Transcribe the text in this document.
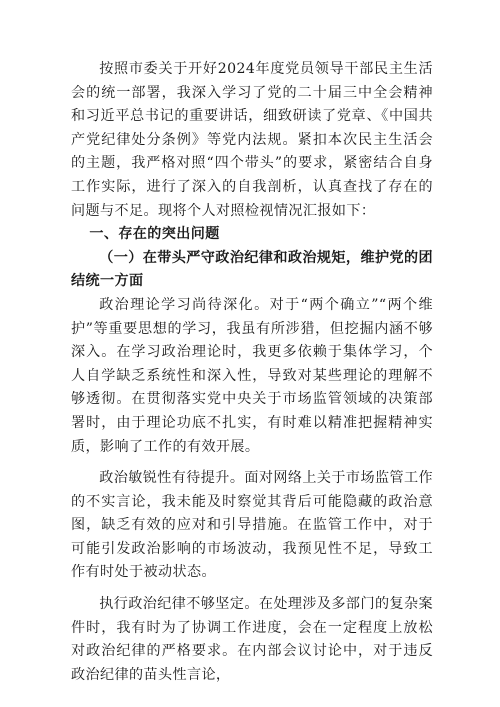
按照市委关于开好2024年度党员领导干部民主生活会的统一部署，我深入学习了党的二十届三中全会精神和习近平总书记的重要讲话，细致研读了党章、《中国共产党纪律处分条例》等党内法规。紧扣本次民主生活会的主题，我严格对照“四个带头”的要求，紧密结合自身工作实际，进行了深入的自我剖析，认真查找了存在的问题与不足。现将个人对照检视情况汇报如下：

一、存在的突出问题

（一）在带头严守政治纪律和政治规矩，维护党的团结统一方面

政治理论学习尚待深化。对于“两个确立”“两个维护”等重要思想的学习，我虽有所涉猎，但挖掘内涵不够深入。在学习政治理论时，我更多依赖于集体学习，个人自学缺乏系统性和深入性，导致对某些理论的理解不够透彻。在贯彻落实党中央关于市场监管领域的决策部署时，由于理论功底不扎实，有时难以精准把握精神实质，影响了工作的有效开展。

政治敏锐性有待提升。面对网络上关于市场监管工作的不实言论，我未能及时察觉其背后可能隐藏的政治意图，缺乏有效的应对和引导措施。在监管工作中，对于可能引发政治影响的市场波动，我预见性不足，导致工作有时处于被动状态。

执行政治纪律不够坚定。在处理涉及多部门的复杂案件时，我有时为了协调工作进度，会在一定程度上放松对政治纪律的严格要求。在内部会议讨论中，对于违反政治纪律的苗头性言论，
